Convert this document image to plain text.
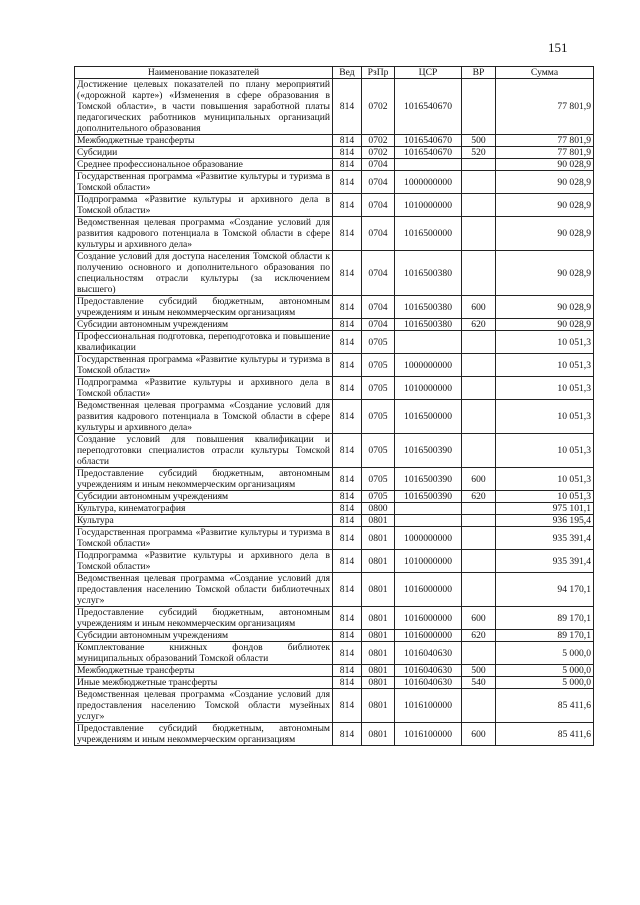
151
Наименование показателей	Вед	РзПр	ЦСР	ВР	Сумма
Достижение целевых показателей по плану мероприятий («дорожной карте») «Изменения в сфере образования в Томской области», в части повышения заработной платы педагогических работников муниципальных организаций дополнительного образования	814	0702	1016540670		77 801,9
Межбюджетные трансферты	814	0702	1016540670	500	77 801,9
Субсидии	814	0702	1016540670	520	77 801,9
Среднее профессиональное образование	814	0704			90 028,9
Государственная программа «Развитие культуры и туризма в Томской области»	814	0704	1000000000		90 028,9
Подпрограмма «Развитие культуры и архивного дела в Томской области»	814	0704	1010000000		90 028,9
Ведомственная целевая программа «Создание условий для развития кадрового потенциала в Томской области в сфере культуры и архивного дела»	814	0704	1016500000		90 028,9
Создание условий для доступа населения Томской области к получению основного и дополнительного образования по специальностям отрасли культуры (за исключением высшего)	814	0704	1016500380		90 028,9
Предоставление субсидий бюджетным, автономным учреждениям и иным некоммерческим организациям	814	0704	1016500380	600	90 028,9
Субсидии автономным учреждениям	814	0704	1016500380	620	90 028,9
Профессиональная подготовка, переподготовка и повышение квалификации	814	0705			10 051,3
Государственная программа «Развитие культуры и туризма в Томской области»	814	0705	1000000000		10 051,3
Подпрограмма «Развитие культуры и архивного дела в Томской области»	814	0705	1010000000		10 051,3
Ведомственная целевая программа «Создание условий для развития кадрового потенциала в Томской области в сфере культуры и архивного дела»	814	0705	1016500000		10 051,3
Создание условий для повышения квалификации и переподготовки специалистов отрасли культуры Томской области	814	0705	1016500390		10 051,3
Предоставление субсидий бюджетным, автономным учреждениям и иным некоммерческим организациям	814	0705	1016500390	600	10 051,3
Субсидии автономным учреждениям	814	0705	1016500390	620	10 051,3
Культура, кинематография	814	0800			975 101,1
Культура	814	0801			936 195,4
Государственная программа «Развитие культуры и туризма в Томской области»	814	0801	1000000000		935 391,4
Подпрограмма «Развитие культуры и архивного дела в Томской области»	814	0801	1010000000		935 391,4
Ведомственная целевая программа «Создание условий для предоставления населению Томской области библиотечных услуг»	814	0801	1016000000		94 170,1
Предоставление субсидий бюджетным, автономным учреждениям и иным некоммерческим организациям	814	0801	1016000000	600	89 170,1
Субсидии автономным учреждениям	814	0801	1016000000	620	89 170,1
Комплектование книжных фондов библиотек муниципальных образований Томской области	814	0801	1016040630		5 000,0
Межбюджетные трансферты	814	0801	1016040630	500	5 000,0
Иные межбюджетные трансферты	814	0801	1016040630	540	5 000,0
Ведомственная целевая программа «Создание условий для предоставления населению Томской области музейных услуг»	814	0801	1016100000		85 411,6
Предоставление субсидий бюджетным, автономным учреждениям и иным некоммерческим организациям	814	0801	1016100000	600	85 411,6
